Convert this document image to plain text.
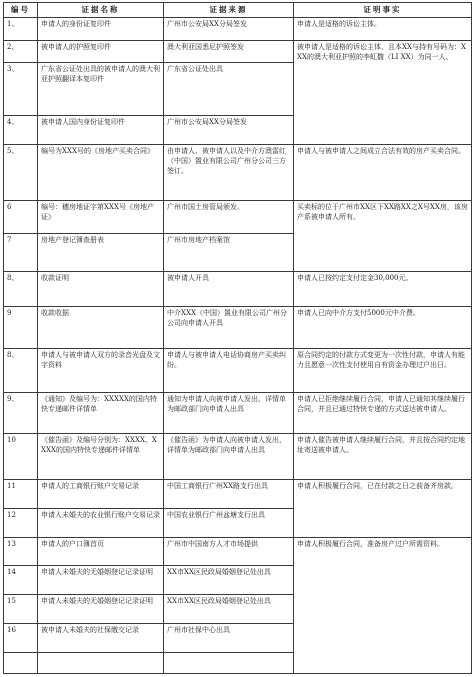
编号	证据名称	证据来源	证明事实
1、	申请人的身份证复印件	广州市公安局XX分局签发	申请人是适格的诉讼主体。
2、	被申请人的护照复印件	澳大利亚国悉尼护照签发	被申请人是适格的诉讼主体，且本XX与持有号码为：XXX的澳大利亚护照的李虹馥（LI XX）为同一人。
3、	广东省公证处出具的被申请人的澳大利亚护照翻译本复印件	广东省公证处出具	
4、	被申请人国内身份证复印件	广州市公安局XX分局签发	
5、	编号为XXX号的《房地产买卖合同》	由申请人、被申请人以及中介方澳雷红（中国）置业有限公司广州分公司三方签订。	申请人与被申请人之间成立合法有效的房产买卖合同。
6	编号：穗房地证字第XXX号《房地产证》	广州市国土房管局颁发。	买卖标的位于广州市XX区下XX路XX之X号XX房，该房产系被申请人所有。
7	房地产登记簿查册表	广州市房地产档案馆	
8、	收款证明	被申请人开具	申请人已按约定支付定金30,000元。
9	收款收据	中介XXX（中国）置业有限公司广州分公司向申请人开具	申请人已向中介方支付5000元中介费。
8、	申请人与被申请人双方的录音光盘及文字资料	申请人与被申请人电话协商房产买卖纠纷。	原合同约定的付款方式变更为一次性付款，申请人有能力且愿意一次性支付使用自有资金办理过户出日。
9、	《通知》及编号为：XXXXX的国内特快专递邮件详情单	通知为申请人向被申请人发出，详情单为邮政部门向申请人出具	申请人已拒绝继续履行合同，申请人已通知其继续履行合同，并且已通过特快专递的方式送达被申请人。
10	《催告函》及编号分别为：XXXX、XXXX的国内特快专递邮件详情单	《催告函》为申请人向被申请人发出，详情单为邮政部门向申请人出具	申请人催告被申请人继续履行合同，并且按合同约定地址寄送被申请人。
11	申请人的工商银行账户交易记录	中国工商银行广州XX路支行出具	申请人积极履行合同，已在付款之日之前备齐房款。
12	申请人未婚夫的农业银行账户交易记录	中国农业银行广州盆塘支行出具	
13	申请人的户口簿首页	广州市中国南方人才市场提供	申请人积极履行合同，准备房产过户所需资料。
14	申请人未婚夫的无婚姻登记记录证明	XX市XX区民政局婚姻登记处出具	
15	申请人未婚夫的无婚姻登记记录证明	XX市XX区民政局婚姻登记处出具	
16	被申请人未婚夫的社保缴交记录	广州市社保中心出具	
